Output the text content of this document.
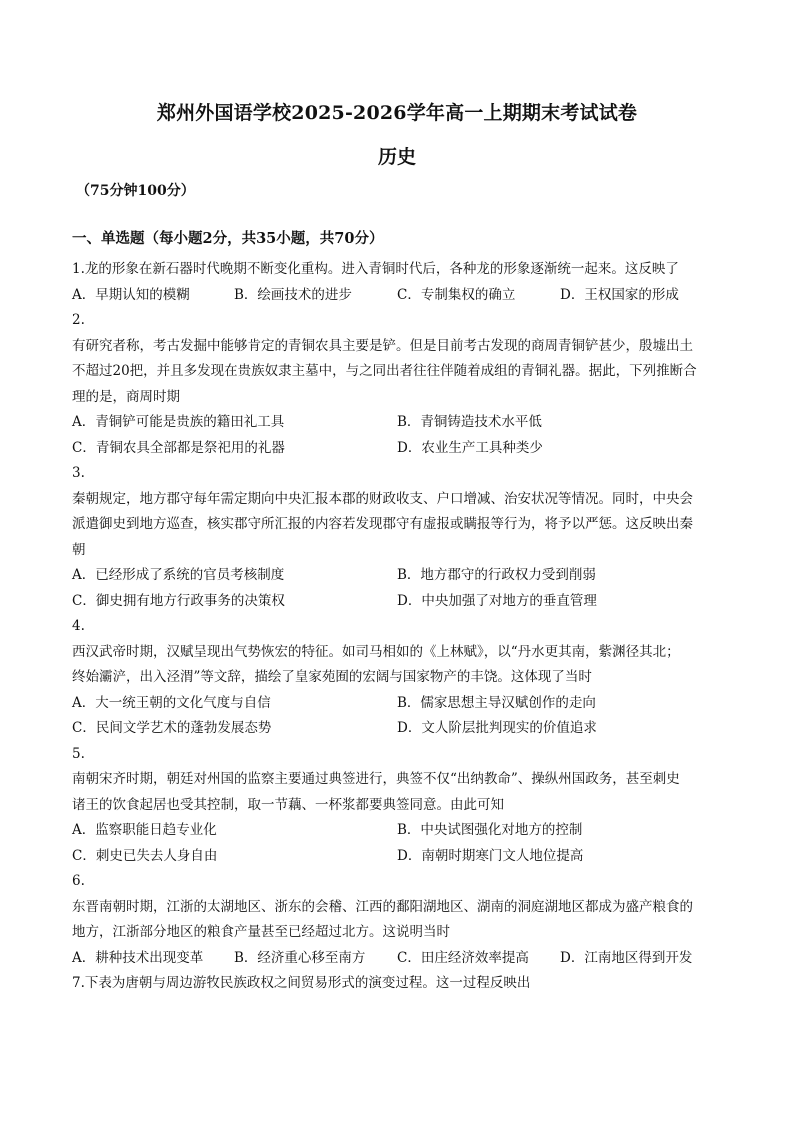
郑州外国语学校2025-2026学年高一上期期末考试试卷
历史
（75分钟100分）
一、单选题（每小题2分，共35小题，共70分）
1.龙的形象在新石器时代晚期不断变化重构。进入青铜时代后，各种龙的形象逐渐统一起来。这反映了
A．早期认知的模糊	B．绘画技术的进步	C．专制集权的确立	D．王权国家的形成
2.
有研究者称，考古发掘中能够肯定的青铜农具主要是铲。但是目前考古发现的商周青铜铲甚少，殷墟出土
不超过20把，并且多发现在贵族奴隶主墓中，与之同出者往往伴随着成组的青铜礼器。据此，下列推断合
理的是，商周时期
A．青铜铲可能是贵族的籍田礼工具	B．青铜铸造技术水平低
C．青铜农具全部都是祭祀用的礼器	D．农业生产工具种类少
3.
秦朝规定，地方郡守每年需定期向中央汇报本郡的财政收支、户口增减、治安状况等情况。同时，中央会
派遣御史到地方巡查，核实郡守所汇报的内容若发现郡守有虚报或瞒报等行为，将予以严惩。这反映出秦
朝
A．已经形成了系统的官员考核制度	B．地方郡守的行政权力受到削弱
C．御史拥有地方行政事务的决策权	D．中央加强了对地方的垂直管理
4.
西汉武帝时期，汉赋呈现出气势恢宏的特征。如司马相如的《上林赋》，以“丹水更其南，紫渊径其北；
终始灞浐，出入泾渭”等文辞，描绘了皇家苑囿的宏阔与国家物产的丰饶。这体现了当时
A．大一统王朝的文化气度与自信	B．儒家思想主导汉赋创作的走向
C．民间文学艺术的蓬勃发展态势	D．文人阶层批判现实的价值追求
5.
南朝宋齐时期，朝廷对州国的监察主要通过典签进行，典签不仅“出纳教命”、操纵州国政务，甚至刺史
诸王的饮食起居也受其控制，取一节藕、一杯浆都要典签同意。由此可知
A．监察职能日趋专业化	B．中央试图强化对地方的控制
C．刺史已失去人身自由	D．南朝时期寒门文人地位提高
6.
东晋南朝时期，江浙的太湖地区、浙东的会稽、江西的鄱阳湖地区、湖南的洞庭湖地区都成为盛产粮食的
地方，江浙部分地区的粮食产量甚至已经超过北方。这说明当时
A．耕种技术出现变革	B．经济重心移至南方	C．田庄经济效率提高	D．江南地区得到开发
7.下表为唐朝与周边游牧民族政权之间贸易形式的演变过程。这一过程反映出
